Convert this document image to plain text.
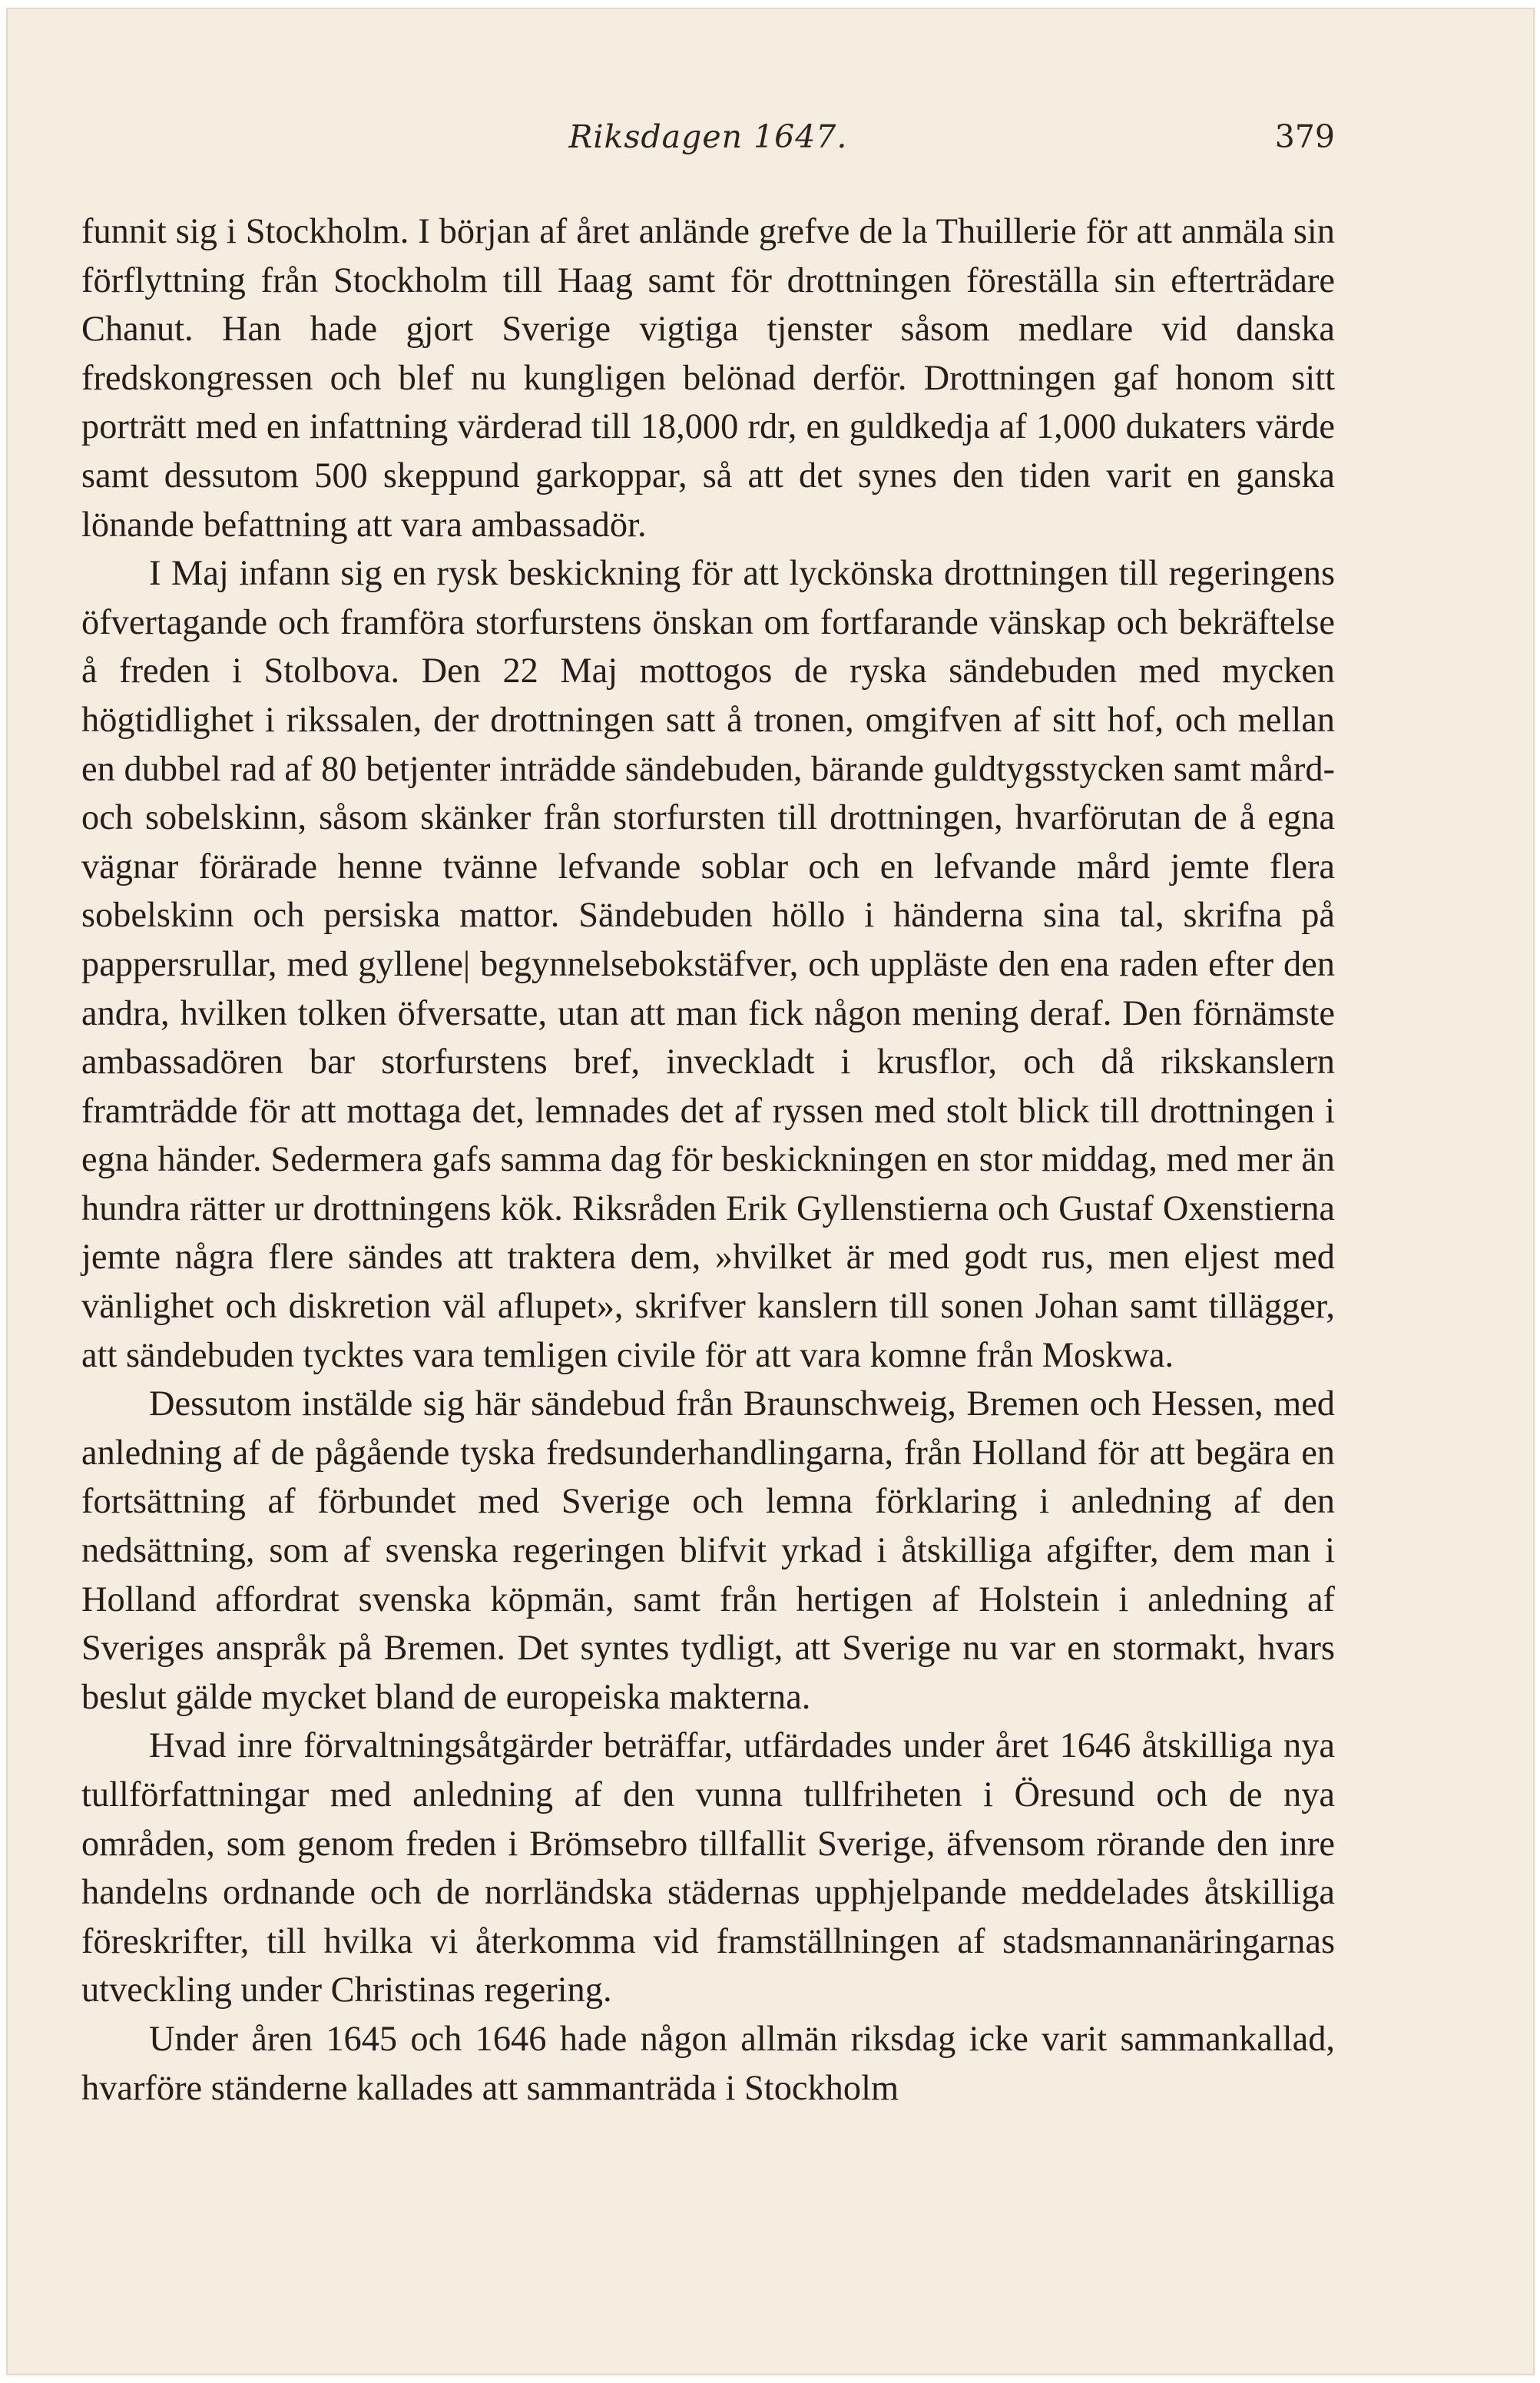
Riksdagen 1647.	379

funnit sig i Stockholm. I början af året anlände grefve de la Thuillerie för att anmäla sin förflyttning från Stockholm till Haag samt för drottningen föreställa sin efterträdare Chanut. Han hade gjort Sverige vigtiga tjenster såsom medlare vid danska fredskongressen och blef nu kungligen belönad derför. Drottningen gaf honom sitt porträtt med en infattning värderad till 18,000 rdr, en guldkedja af 1,000 dukaters värde samt dessutom 500 skeppund garkoppar, så att det synes den tiden varit en ganska lönande befattning att vara ambassadör.

I Maj infann sig en rysk beskickning för att lyckönska drottningen till regeringens öfvertagande och framföra storfurstens önskan om fortfarande vänskap och bekräftelse å freden i Stolbova. Den 22 Maj mottogos de ryska sändebuden med mycken högtidlighet i rikssalen, der drottningen satt å tronen, omgifven af sitt hof, och mellan en dubbel rad af 80 betjenter inträdde sändebuden, bärande guldtygsstycken samt mård- och sobelskinn, såsom skänker från storfursten till drottningen, hvarförutan de å egna vägnar förärade henne tvänne lefvande soblar och en lefvande mård jemte flera sobelskinn och persiska mattor. Sändebuden höllo i händerna sina tal, skrifna på pappersrullar, med gyllene| begynnelsebokstäfver, och uppläste den ena raden efter den andra, hvilken tolken öfversatte, utan att man fick någon mening deraf. Den förnämste ambassadören bar storfurstens bref, inveckladt i krusflor, och då rikskanslern framträdde för att mottaga det, lemnades det af ryssen med stolt blick till drottningen i egna händer. Sedermera gafs samma dag för beskickningen en stor middag, med mer än hundra rätter ur drottningens kök. Riksråden Erik Gyllenstierna och Gustaf Oxenstierna jemte några flere sändes att traktera dem, »hvilket är med godt rus, men eljest med vänlighet och diskretion väl aflupet», skrifver kanslern till sonen Johan samt tillägger, att sändebuden tycktes vara temligen civile för att vara komne från Moskwa.

Dessutom instälde sig här sändebud från Braunschweig, Bremen och Hessen, med anledning af de pågående tyska fredsunderhandlingarna, från Holland för att begära en fortsättning af förbundet med Sverige och lemna förklaring i anledning af den nedsättning, som af svenska regeringen blifvit yrkad i åtskilliga afgifter, dem man i Holland affordrat svenska köpmän, samt från hertigen af Holstein i anledning af Sveriges anspråk på Bremen. Det syntes tydligt, att Sverige nu var en stormakt, hvars beslut gälde mycket bland de europeiska makterna.

Hvad inre förvaltningsåtgärder beträffar, utfärdades under året 1646 åtskilliga nya tullförfattningar med anledning af den vunna tullfriheten i Öresund och de nya områden, som genom freden i Brömsebro tillfallit Sverige, äfvensom rörande den inre handelns ordnande och de norrländska städernas upphjelpande meddelades åtskilliga föreskrifter, till hvilka vi återkomma vid framställningen af stadsmannanäringarnas utveckling under Christinas regering.

Under åren 1645 och 1646 hade någon allmän riksdag icke varit sammankallad, hvarföre ständerne kallades att sammanträda i Stockholm
